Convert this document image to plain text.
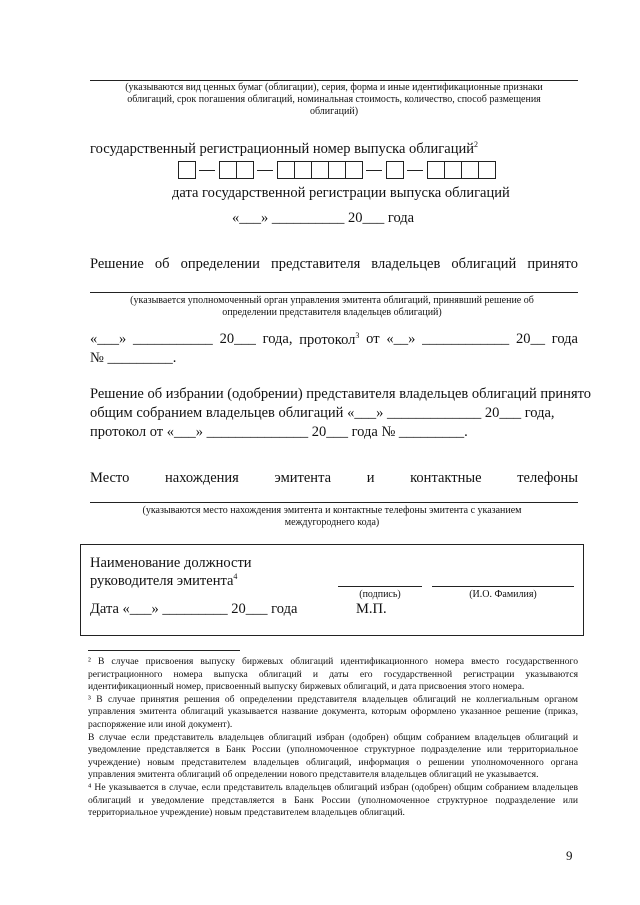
(указываются вид ценных бумаг (облигации), серия, форма и иные идентификационные признаки облигаций, срок погашения облигаций, номинальная стоимость, количество, способ размещения облигаций)
государственный регистрационный номер выпуска облигаций$^2$
дата государственной регистрации выпуска облигаций
«___» __________ 20___ года
Решение об определении представителя владельцев облигаций принято
(указывается уполномоченный орган управления эмитента облигаций, принявший решение об определении представителя владельцев облигаций)
«___» ___________ 20___ года, протокол$^3$ от «__» ____________ 20__ года
№ _________.
Решение об избрании (одобрении) представителя владельцев облигаций принято
общим собранием владельцев облигаций «___» _____________ 20___ года,
протокол от «___» ______________ 20___ года № _________.
Место нахождения эмитента и контактные телефоны
(указываются место нахождения эмитента и контактные телефоны эмитента с указанием междугороднего кода)
Наименование должности
руководителя эмитента$^4$
(подпись)	(И.О. Фамилия)
Дата «___» _________ 20___ года	М.П.

² В случае присвоения выпуску биржевых облигаций идентификационного номера вместо государственного регистрационного номера выпуска облигаций и даты его государственной регистрации указываются идентификационный номер, присвоенный выпуску биржевых облигаций, и дата присвоения этого номера.

³ В случае принятия решения об определении представителя владельцев облигаций не коллегиальным органом управления эмитента облигаций указывается название документа, которым оформлено указанное решение (приказ, распоряжение или иной документ).

В случае если представитель владельцев облигаций избран (одобрен) общим собранием владельцев облигаций и уведомление представляется в Банк России (уполномоченное структурное подразделение или территориальное учреждение) новым представителем владельцев облигаций, информация о решении уполномоченного органа управления эмитента облигаций об определении нового представителя владельцев облигаций не указывается.

⁴ Не указывается в случае, если представитель владельцев облигаций избран (одобрен) общим собранием владельцев облигаций и уведомление представляется в Банк России (уполномоченное структурное подразделение или территориальное учреждение) новым представителем владельцев облигаций.

9
